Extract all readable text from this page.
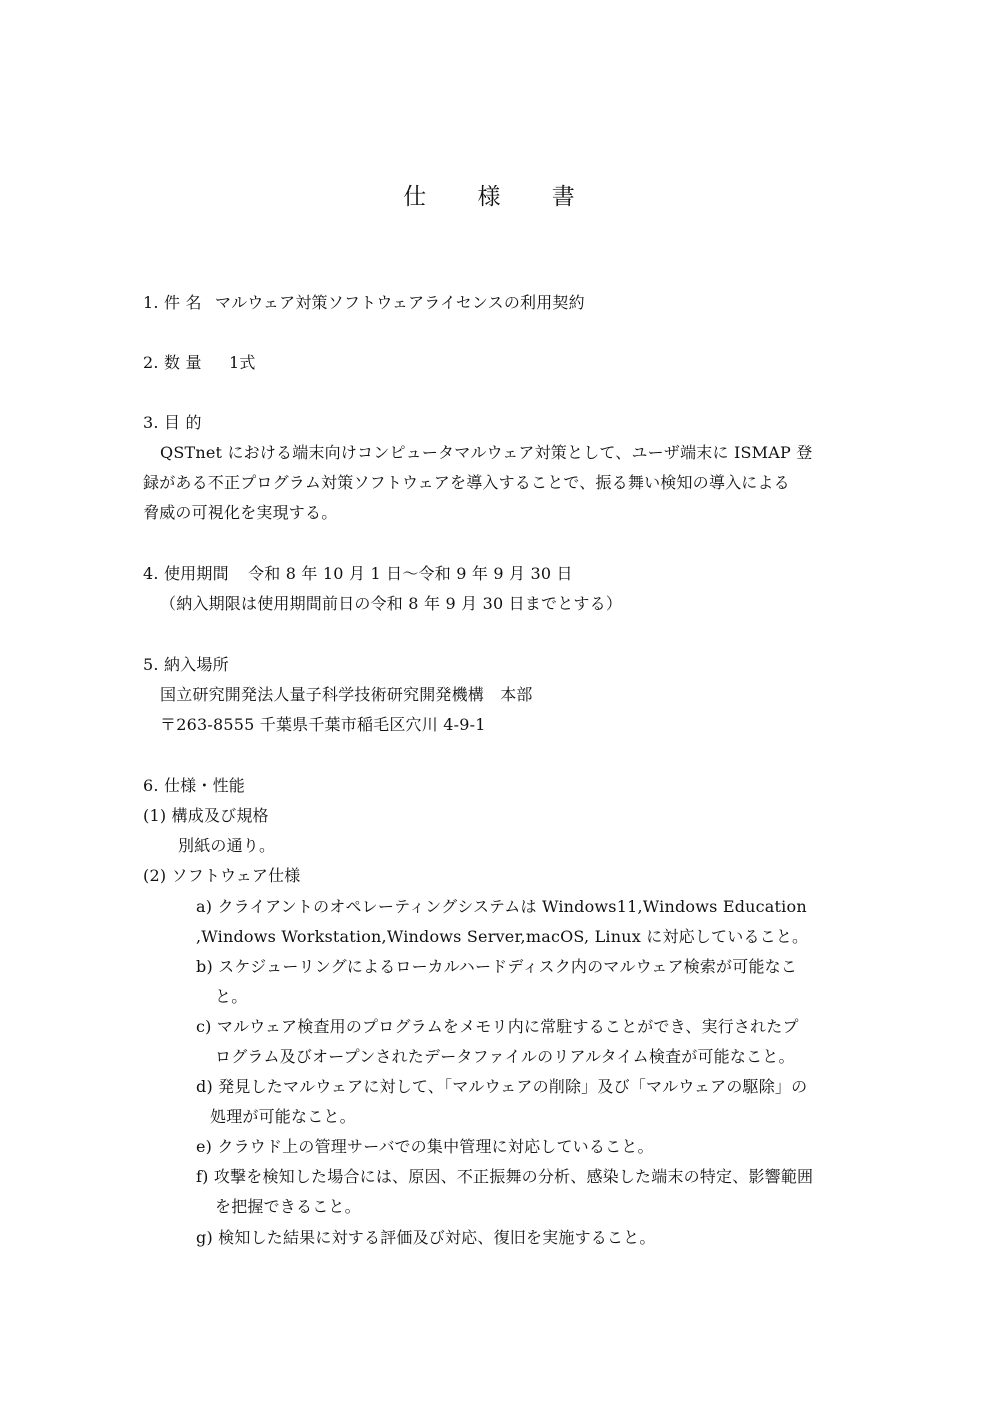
仕 様 書
1. 件 名 マルウェア対策ソフトウェアライセンスの利用契約
2. 数 量 1式
3. 目 的
QSTnet における端末向けコンピュータマルウェア対策として、ユーザ端末に ISMAP 登
録がある不正プログラム対策ソフトウェアを導入することで、振る舞い検知の導入による
脅威の可視化を実現する。
4. 使用期間 令和 8 年 10 月 1 日〜令和 9 年 9 月 30 日
（納入期限は使用期間前日の令和 8 年 9 月 30 日までとする）
5. 納入場所
国立研究開発法人量子科学技術研究開発機構　本部
〒263-8555 千葉県千葉市稲毛区穴川 4-9-1
6. 仕様・性能
(1) 構成及び規格
別紙の通り。
(2) ソフトウェア仕様
a) クライアントのオペレーティングシステムは Windows11,Windows Education
,Windows Workstation,Windows Server,macOS, Linux に対応していること。
b) スケジューリングによるローカルハードディスク内のマルウェア検索が可能なこ
と。
c) マルウェア検査用のプログラムをメモリ内に常駐することができ、実行されたプ
ログラム及びオープンされたデータファイルのリアルタイム検査が可能なこと。
d) 発見したマルウェアに対して、「マルウェアの削除」及び「マルウェアの駆除」の
処理が可能なこと。
e) クラウド上の管理サーバでの集中管理に対応していること。
f) 攻撃を検知した場合には、原因、不正振舞の分析、感染した端末の特定、影響範囲
を把握できること。
g) 検知した結果に対する評価及び対応、復旧を実施すること。
